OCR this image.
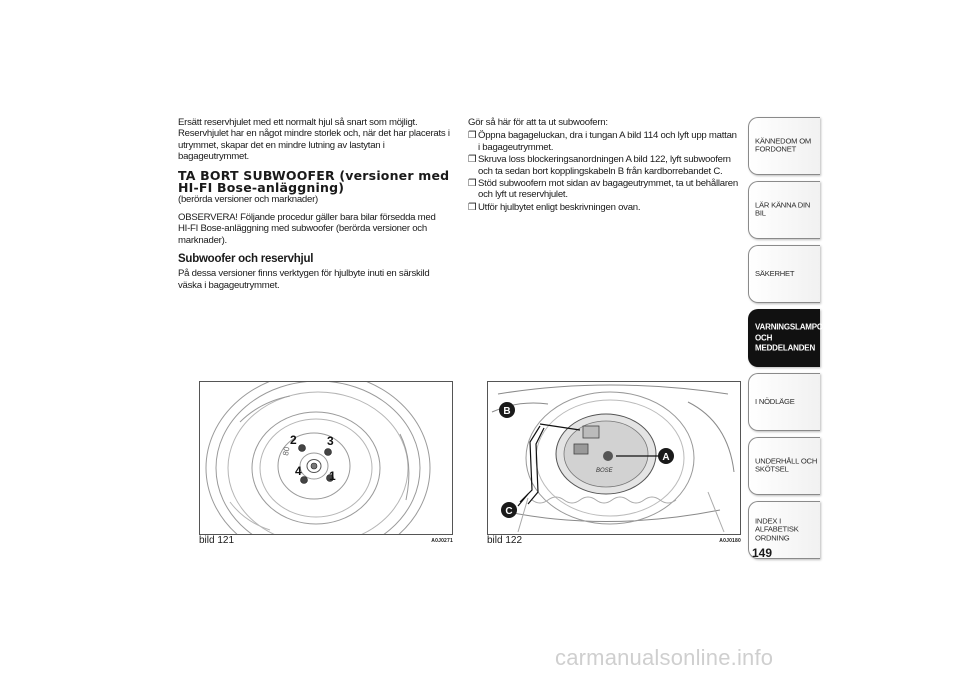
Ersätt reservhjulet med ett normalt hjul så snart som möjligt. Reservhjulet har en något mindre storlek och, när det har placerats i utrymmet, skapar det en mindre lutning av lastytan i bagageutrymmet.

TA BORT SUBWOOFER (versioner med HI-FI Bose-anläggning)
(berörda versioner och marknader)

OBSERVERA! Följande procedur gäller bara bilar försedda med HI-FI Bose-anläggning med subwoofer (berörda versioner och marknader).

Subwoofer och reservhjul

På dessa versioner finns verktygen för hjulbyte inuti en särskild väska i bagageutrymmet.

Gör så här för att ta ut subwoofern:
❒ Öppna bagageluckan, dra i tungan A bild 114 och lyft upp mattan i bagageutrymmet.
❒ Skruva loss blockeringsanordningen A bild 122, lyft subwoofern och ta sedan bort kopplingskabeln B från kardborrebandet C.
❒ Stöd subwoofern mot sidan av bagageutrymmet, ta ut behållaren och lyft ut reservhjulet.
❒ Utför hjulbytet enligt beskrivningen ovan.
2	3
4 1
80
bild 121	A0J0271
BOSE
B
A
C
bild 122	A0J0180
KÄNNEDOM OM FORDONET
LÄR KÄNNA DIN BIL
SÄKERHET
VARNINGSLAMPOR OCH MEDDELANDEN
I NÖDLÄGE
UNDERHÅLL OCH SKÖTSEL
INDEX I ALFABETISK ORDNING
149
carmanualsonline.info
